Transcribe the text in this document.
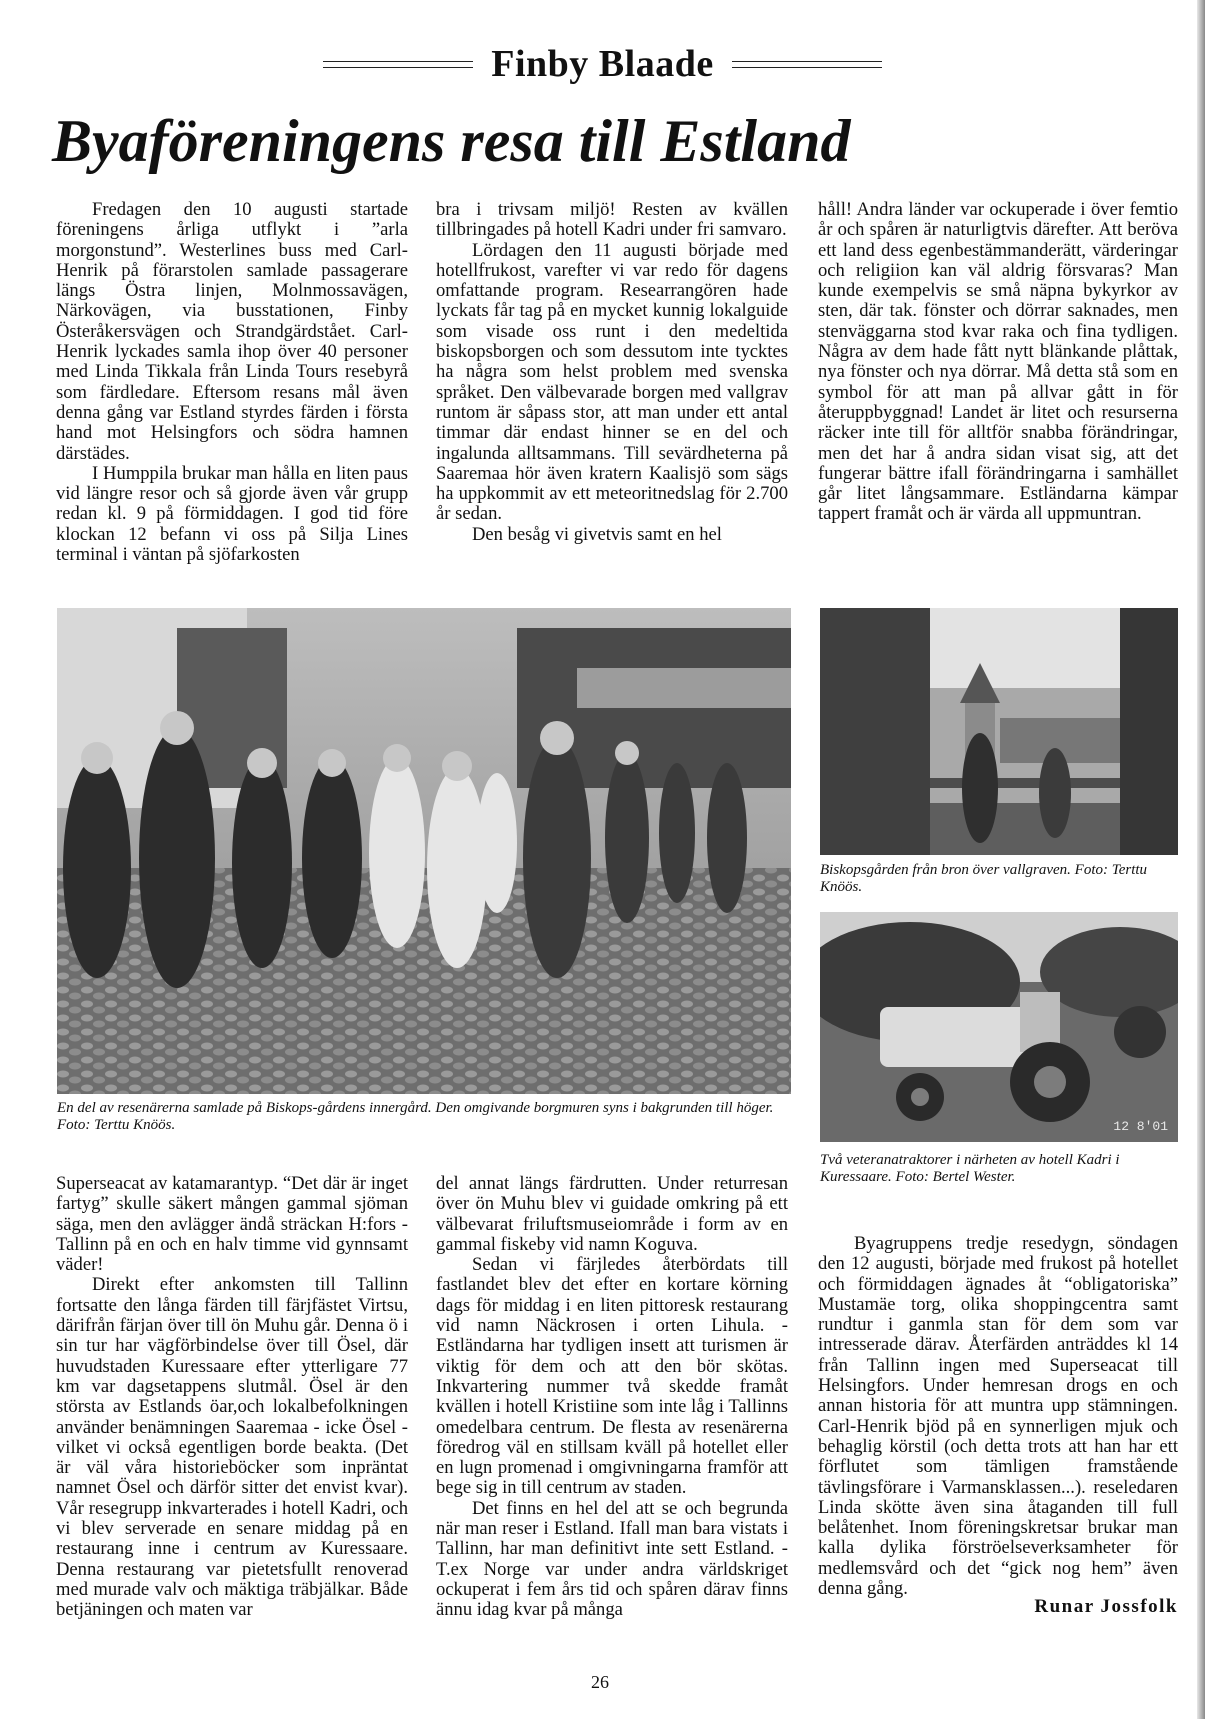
Finby Blaade
Byaföreningens resa till Estland

Fredagen den 10 augusti startade föreningens årliga utflykt i ”arla morgonstund”. Westerlines buss med Carl-Henrik på förarstolen samlade passagerare längs Östra linjen, Molnmossavägen, Närkovägen, via busstationen, Finby Österåkersvägen och Strandgärdstået. Carl-Henrik lyckades samla ihop över 40 personer med Linda Tikkala från Linda Tours resebyrå som färdledare. Eftersom resans mål även denna gång var Estland styrdes färden i första hand mot Helsingfors och södra hamnen därstädes.

I Humppila brukar man hålla en liten paus vid längre resor och så gjorde även vår grupp redan kl. 9 på förmiddagen. I god tid före klockan 12 befann vi oss på Silja Lines terminal i väntan på sjöfarkosten

bra i trivsam miljö! Resten av kvällen tillbringades på hotell Kadri under fri samvaro.

Lördagen den 11 augusti började med hotellfrukost, varefter vi var redo för dagens omfattande program. Researrangören hade lyckats får tag på en mycket kunnig lokalguide som visade oss runt i den medeltida biskopsborgen och som dessutom inte tycktes ha några som helst problem med svenska språket. Den välbevarade borgen med vallgrav runtom är såpass stor, att man under ett antal timmar där endast hinner se en del och ingalunda alltsammans. Till sevärdheterna på Saaremaa hör även kratern Kaalisjö som sägs ha uppkommit av ett meteoritnedslag för 2.700 år sedan.

Den besåg vi givetvis samt en hel

håll! Andra länder var ockuperade i över femtio år och spåren är naturligtvis därefter. Att beröva ett land dess egenbestämmanderätt, värderingar och religiion kan väl aldrig försvaras? Man kunde exempelvis se små näpna bykyrkor av sten, där tak. fönster och dörrar saknades, men stenväggarna stod kvar raka och fina tydligen. Några av dem hade fått nytt blänkande plåttak, nya fönster och nya dörrar. Må detta stå som en symbol för att man på allvar gått in för återuppbyggnad! Landet är litet och resurserna räcker inte till för alltför snabba förändringar, men det har å andra sidan visat sig, att det fungerar bättre ifall förändringarna i samhället går litet långsammare. Estländarna kämpar tappert framåt och är värda all uppmuntran.

En del av resenärerna samlade på Biskops-gårdens innergård. Den omgivande borgmuren syns i bakgrunden till höger. Foto: Terttu Knöös.
Biskopsgården från bron över vallgraven. Foto: Terttu Knöös.
12 8'01
Två veteranatraktorer i närheten av hotell Kadri i Kuressaare. Foto: Bertel Wester.

Superseacat av katamarantyp. “Det där är inget fartyg” skulle säkert mången gammal sjöman säga, men den avlägger ändå sträckan H:fors - Tallinn på en och en halv timme vid gynnsamt väder!

Direkt efter ankomsten till Tallinn fortsatte den långa färden till färjfästet Virtsu, därifrån färjan över till ön Muhu går. Denna ö i sin tur har vägförbindelse över till Ösel, där huvudstaden Kuressaare efter ytterligare 77 km var dagsetappens slutmål. Ösel är den största av Estlands öar,och lokalbefolkningen använder benämningen Saaremaa - icke Ösel - vilket vi också egentligen borde beakta. (Det är väl våra historieböcker som inpräntat namnet Ösel och därför sitter det envist kvar). Vår resegrupp inkvarterades i hotell Kadri, och vi blev serverade en senare middag på en restaurang inne i centrum av Kuressaare. Denna restaurang var pietetsfullt renoverad med murade valv och mäktiga träbjälkar. Både betjäningen och maten var

del annat längs färdrutten. Under returresan över ön Muhu blev vi guidade omkring på ett välbevarat friluftsmuseiområde i form av en gammal fiskeby vid namn Koguva.

Sedan vi färjledes återbördats till fastlandet blev det efter en kortare körning dags för middag i en liten pittoresk restaurang vid namn Näckrosen i orten Lihula. - Estländarna har tydligen insett att turismen är viktig för dem och att den bör skötas. Inkvartering nummer två skedde framåt kvällen i hotell Kristiine som inte låg i Tallinns omedelbara centrum. De flesta av resenärerna föredrog väl en stillsam kväll på hotellet eller en lugn promenad i omgivningarna framför att bege sig in till centrum av staden.

Det finns en hel del att se och begrunda när man reser i Estland. Ifall man bara vistats i Tallinn, har man definitivt inte sett Estland. - T.ex Norge var under andra världskriget ockuperat i fem års tid och spåren därav finns ännu idag kvar på många

Byagruppens tredje resedygn, söndagen den 12 augusti, började med frukost på hotellet och förmiddagen ägnades åt “obligatoriska” Mustamäe torg, olika shoppingcentra samt rundtur i ganmla stan för dem som var intresserade därav. Återfärden anträddes kl 14 från Tallinn ingen med Superseacat till Helsingfors. Under hemresan drogs en och annan historia för att muntra upp stämningen. Carl-Henrik bjöd på en synnerligen mjuk och behaglig körstil (och detta trots att han har ett förflutet som tämligen framstående tävlingsförare i Varmansklassen...). reseledaren Linda skötte även sina åtaganden till full belåtenhet. Inom föreningskretsar brukar man kalla dylika förströelseverksamheter för medlemsvård och det “gick nog hem” även denna gång.

Runar Jossfolk
26
